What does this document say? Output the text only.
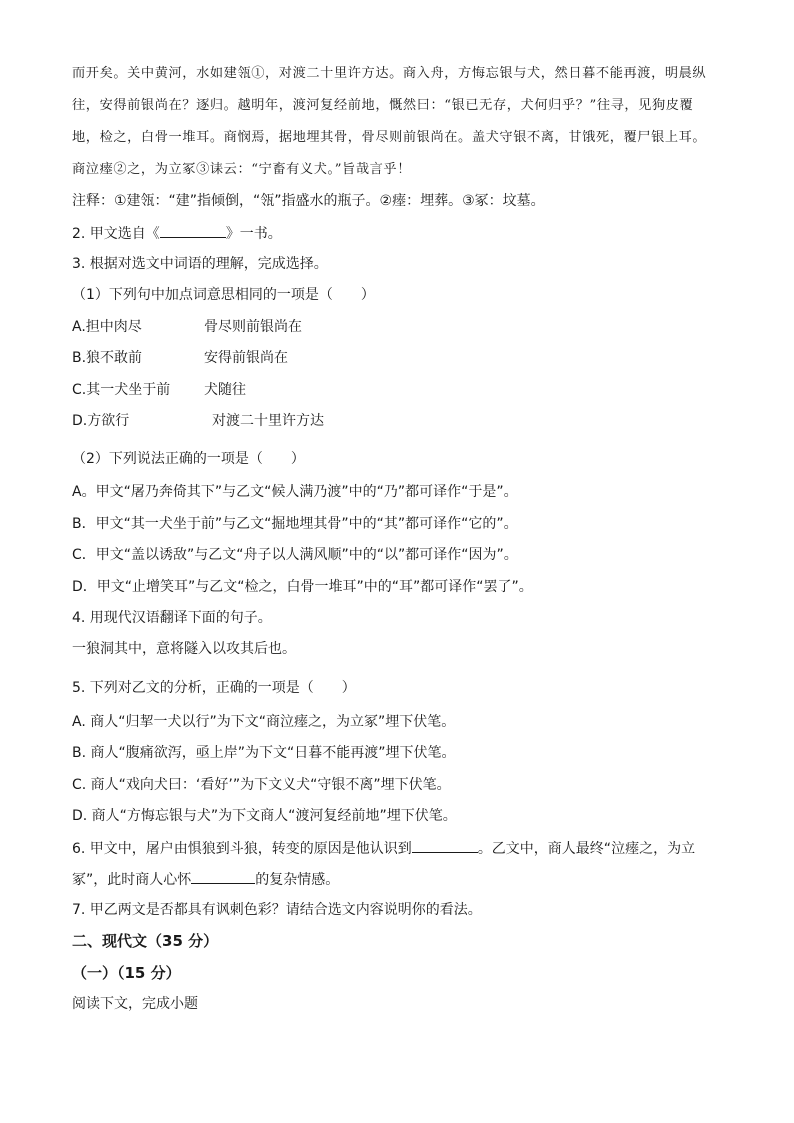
而开矣。关中黄河，水如建瓴①，对渡二十里许方达。商入舟，方悔忘银与犬，然日暮不能再渡，明晨纵
往，安得前银尚在？逐归。越明年，渡河复经前地，慨然曰：“银已无存，犬何归乎？”往寻，见狗皮覆
地，检之，白骨一堆耳。商悯焉，据地埋其骨，骨尽则前银尚在。盖犬守银不离，甘饿死，覆尸银上耳。
商泣瘗②之，为立冢③诔云：“宁畜有义犬。”旨哉言乎！
注释：①建瓴：“建”指倾倒，“瓴”指盛水的瓶子。②瘗：埋葬。③冢：坟墓。
2. 甲文选自《	》一书。
3. 根据对选文中词语的理解，完成选择。
（1）下列句中加点词意思相同的一项是（　　）
A.担中肉尽	骨尽则前银尚在
B.狼不敢前	安得前银尚在
C.其一犬坐于前 犬随往
D.方欲行	对渡二十里许方达
（2）下列说法正确的一项是（　　）
A。甲文“屠乃奔倚其下”与乙文“候人满乃渡”中的“乃”都可译作“于是”。
B．甲文“其一犬坐于前”与乙文“掘地埋其骨”中的“其”都可译作“它的”。
C．甲文“盖以诱敌”与乙文“舟子以人满风顺”中的“以”都可译作“因为”。
D．甲文“止增笑耳”与乙文“检之，白骨一堆耳”中的“耳”都可译作“罢了”。
4. 用现代汉语翻译下面的句子。
一狼洞其中，意将隧入以攻其后也。
5. 下列对乙文的分析，正确的一项是（　　）
A. 商人“归挈一犬以行”为下文“商泣瘗之，为立冢”埋下伏笔。
B. 商人“腹痛欲泻，亟上岸”为下文“日暮不能再渡”埋下伏笔。
C. 商人“戏向犬曰：‘看好’”为下文义犬“守银不离”埋下伏笔。
D. 商人“方悔忘银与犬”为下文商人“渡河复经前地”埋下伏笔。
6. 甲文中，屠户由惧狼到斗狼，转变的原因是他认识到	。乙文中，商人最终“泣瘗之，为立
冢”，此时商人心怀	的复杂情感。
7. 甲乙两文是否都具有讽刺色彩？请结合选文内容说明你的看法。
二、现代文（35 分）
（一）（15 分）
阅读下文，完成小题
